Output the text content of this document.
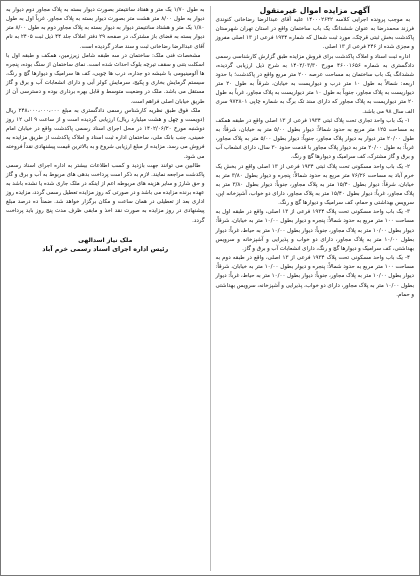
آگهی مزایده اموال غیرمنقول

به موجب پرونده اجرایی کلاسه ۱۴۰۰۰۲۶۴۲ علیه آقای عبدالرضا رضاخانی کنوندی فرزند محمدرضا به عنوان ششدانگ یک باب ساختمان واقع در استان تهران شهرستان پاکدشت بخش ثبتی قرچک، مورد ثبت شمال که شماره ۱۹۳۴ فرعی از ۱۳ اصلی مفروز و مجزی شده از ۲۴۶ فرعی از ۱۳ اصلی.

اداره ثبت اسناد و املاک پاکدشت برای فروش مزایده طبق گزارش کارشناسی رسمی دادگستری به شماره ۴۶۰۰۱۶۵۶ مورخ ۱۴۰۲/۰۳/۳۰ به شرح ذیل ارزیابی گردیده، ششدانگ یک باب ساختمان به مساحت عرصه ۲۰۰ متر مربع واقع در پاکدشت؛ با حدود اربعه: شمالاً به طول ۱۰ متر درب و دیواریست به خیابان، شرقاً به طول ۲۰ متر دیواریست به پلاک مجاور، جنوباً به طول ۱۰ متر دیواریست به پلاک مجاور، غرباً به طول ۲۰ متر دیواریست به پلاک مجاور که دارای سند تک برگ به شماره چاپی ۹۷۲۸۰۱ سری الف سال ۹۸ می باشد.

۱- یک باب واحد تجاری تحت پلاک ثبتی ۱۹۳۴ فرعی از ۱۳ اصلی واقع در طبقه همکف به مساحت ۱۲۵ متر مربع به حدود شمالاً: دیوار بطول ۵/۰۰ متر به خیابان، شرقاً: به طول ۲۰/۰۰ متر دیوار به دیوار پلاک مجاور، جنوباً: دیوار بطول ۵/۰۰ متر به پلاک مجاور، غرباً: به طول ۲۰/۰۰ متر به دیوار پلاک مجاور با قدمت حدود ۳۰ سال، دارای انشعاب آب و برق و گاز مشترک، کف سرامیک و دیوارها گچ و رنگ.

۲- یک باب واحد مسکونی تحت پلاک ثبتی ۱۹۳۴ فرعی از ۱۳ اصلی واقع در بخش یک خرم آباد به مساحت ۷۶/۲۶ متر مربع به حدود شمالاً: پنجره و دیوار بطول ۳/۸۰ متر به خیابان، شرقاً: دیوار بطول ۱۵/۴۰ متر به پلاک مجاور، جنوباً: دیوار بطول ۳/۸۰ متر به پلاک مجاور، غرباً: دیوار بطول ۱۵/۴۰ متر به پلاک مجاور، دارای دو خواب، آشپزخانه اپن، سرویس بهداشتی و حمام، کف سرامیک و دیوارها گچ و رنگ.

۳- یک باب واحد مسکونی تحت پلاک ۱۹۳۴ فرعی از ۱۳ اصلی، واقع در طبقه اول به مساحت ۱۰۰ متر مربع به حدود شمالاً: پنجره و دیوار بطول ۱۰/۰۰ متر به خیابان، شرقاً: دیوار بطول ۱۰/۰۰ متر به پلاک مجاور، جنوباً: دیوار بطول ۱۰/۰۰ متر به حیاط، غرباً: دیوار بطول ۱۰/۰۰ متر به پلاک مجاور، دارای دو خواب و پذیرایی و آشپزخانه و سرویس بهداشتی، کف سرامیک و دیوارها گچ و رنگ، دارای انشعابات آب و برق و گاز.

۴- یک باب واحد مسکونی تحت پلاک ۱۹۳۴ فرعی از ۱۳ اصلی، واقع در طبقه دوم به مساحت ۱۰۰ متر مربع به حدود شمالاً: پنجره و دیوار بطول ۱۰/۰۰ متر به خیابان، شرقاً: دیوار بطول ۱۰/۰۰ متر به پلاک مجاور، جنوباً: دیوار بطول ۱۰/۰۰ متر به حیاط، غرباً: دیوار بطول ۱۰/۰۰ متر به پلاک مجاور، دارای دو خواب، پذیرایی و آشپزخانه، سرویس بهداشتی و حمام.

به طول ۱/۷۰ یک متر و هفتاد سانتیمتر بصورت دیوار بسته به پلاک مجاور دوم دیوار به دیوار به طول ۸/۰۰ متر هشت متر بصورت دیوار بسته به پلاک مجاور. غرباً اول به طول ۱/۸۰ یک متر و هشتاد سانتیمتر دیوار به دیوار بسته به پلاک مجاور دوم به طول ۸/۰۰ متر دیوار بسته به فضای باز مشترک، در صفحه ۲۹ دفتر املاک جلد ۴۴ ذیل ثبت ۲۴۰۵ به نام آقای عبدالرضا رضاخانی ثبت و سند صادر گردیده است.

مشخصات فنی ملک: ساختمان در سه طبقه شامل زیرزمین، همکف و طبقه اول با اسکلت بتنی و سقف تیرچه بلوک احداث شده است. نمای ساختمان از سنگ بوده، پنجره ها آلومینیومی با شیشه دو جداره، درب ها چوبی، کف ها سرامیک و دیوارها گچ و رنگ، سیستم گرمایش بخاری و پکیج، سرمایش کولر آبی و دارای انشعابات آب و برق و گاز مستقل می باشد. ملک در وضعیت متوسط و قابل بهره برداری بوده و دسترسی آن از طریق خیابان اصلی فراهم است.

ملک فوق طبق نظریه کارشناس رسمی دادگستری به مبلغ ۲۴۸،۰۰۰،۰۰۰،۰۰۰ ریال (دویست و چهل و هشت میلیارد ریال) ارزیابی گردیده است و از ساعت ۹ الی ۱۲ روز دوشنبه مورخ ۱۴۰۲/۰۶/۲۰ در محل اجرای اسناد رسمی پاکدشت واقع در خیابان امام خمینی، جنب بانک ملی، ساختمان اداره ثبت اسناد و املاک پاکدشت از طریق مزایده به فروش می رسد. مزایده از مبلغ ارزیابی شروع و به بالاترین قیمت پیشنهادی نقداً فروخته می شود.

طالبین می توانند جهت بازدید و کسب اطلاعات بیشتر به اداره اجرای اسناد رسمی پاکدشت مراجعه نمایند. لازم به ذکر است پرداخت بدهی های مربوط به آب و برق و گاز و حق شارژ و سایر هزینه های مربوطه اعم از اینکه در ملک جاری شده یا نشده باشد به عهده برنده مزایده می باشد و در صورتی که روز مزایده تعطیل رسمی گردد، مزایده روز اداری بعد از تعطیلی در همان ساعت و مکان برگزار خواهد شد. ضمناً ده درصد مبلغ پیشنهادی در روز مزایده به صورت نقد اخذ و مابقی ظرف مدت پنج روز باید پرداخت گردد.

ملک نیاز اسدالهی
رئیس اداره اجرای اسناد رسمی خرم آباد
